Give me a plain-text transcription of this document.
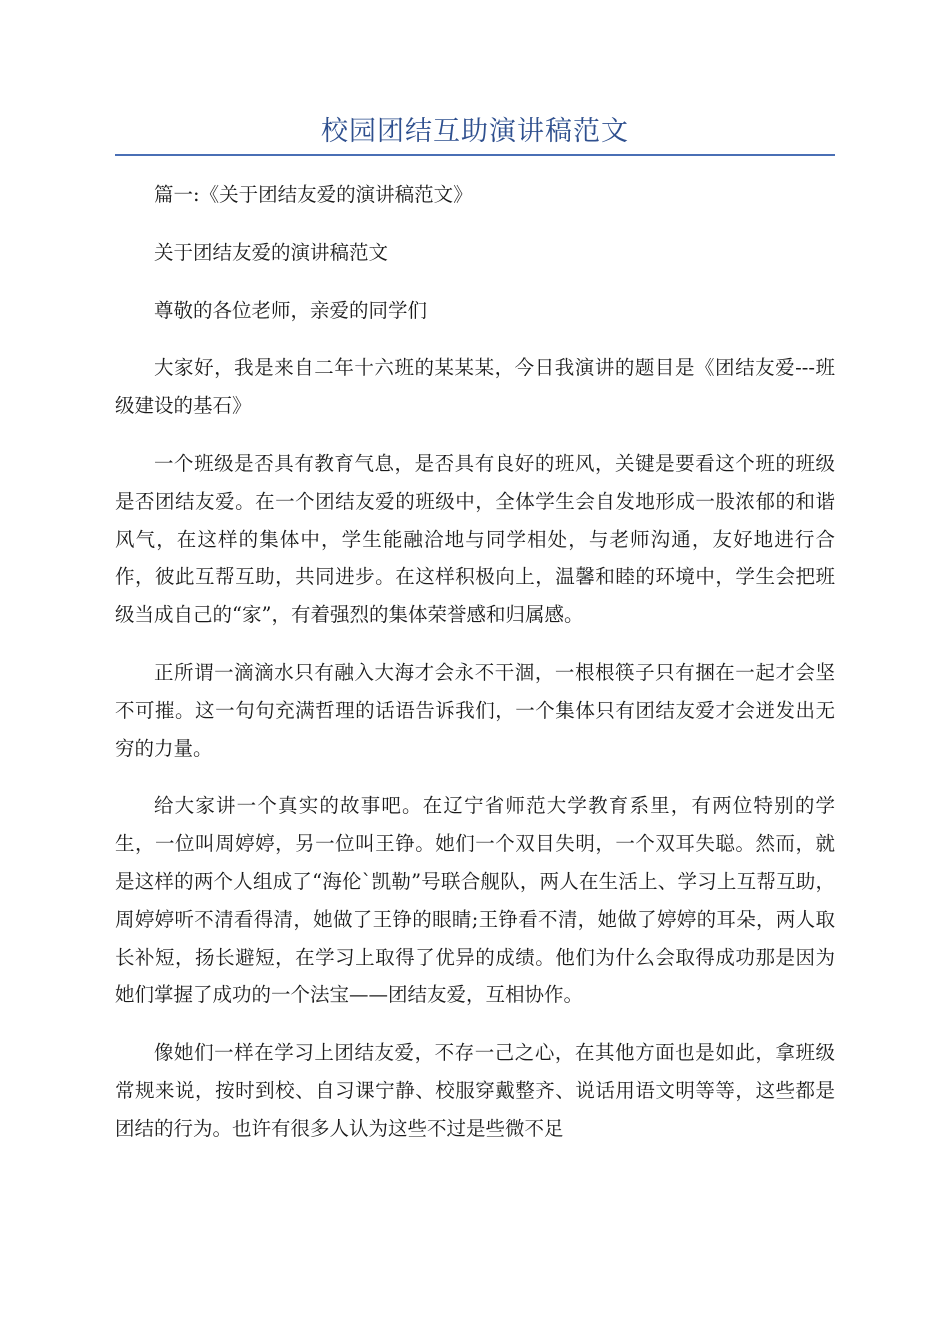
校园团结互助演讲稿范文

篇一:《关于团结友爱的演讲稿范文》

关于团结友爱的演讲稿范文

尊敬的各位老师，亲爱的同学们

大家好，我是来自二年十六班的某某某，今日我演讲的题目是《团结友爱---班级建设的基石》

一个班级是否具有教育气息，是否具有良好的班风，关键是要看这个班的班级是否团结友爱。在一个团结友爱的班级中，全体学生会自发地形成一股浓郁的和谐风气，在这样的集体中，学生能融洽地与同学相处，与老师沟通，友好地进行合作，彼此互帮互助，共同进步。在这样积极向上，温馨和睦的环境中，学生会把班级当成自己的“家”，有着强烈的集体荣誉感和归属感。

正所谓一滴滴水只有融入大海才会永不干涸，一根根筷子只有捆在一起才会坚不可摧。这一句句充满哲理的话语告诉我们，一个集体只有团结友爱才会迸发出无穷的力量。

给大家讲一个真实的故事吧。在辽宁省师范大学教育系里，有两位特别的学生，一位叫周婷婷，另一位叫王铮。她们一个双目失明，一个双耳失聪。然而，就是这样的两个人组成了“海伦`凯勒”号联合舰队，两人在生活上、学习上互帮互助，周婷婷听不清看得清，她做了王铮的眼睛;王铮看不清，她做了婷婷的耳朵，两人取长补短，扬长避短，在学习上取得了优异的成绩。他们为什么会取得成功那是因为她们掌握了成功的一个法宝——团结友爱，互相协作。

像她们一样在学习上团结友爱，不存一己之心，在其他方面也是如此，拿班级常规来说，按时到校、自习课宁静、校服穿戴整齐、说话用语文明等等，这些都是团结的行为。也许有很多人认为这些不过是些微不足
